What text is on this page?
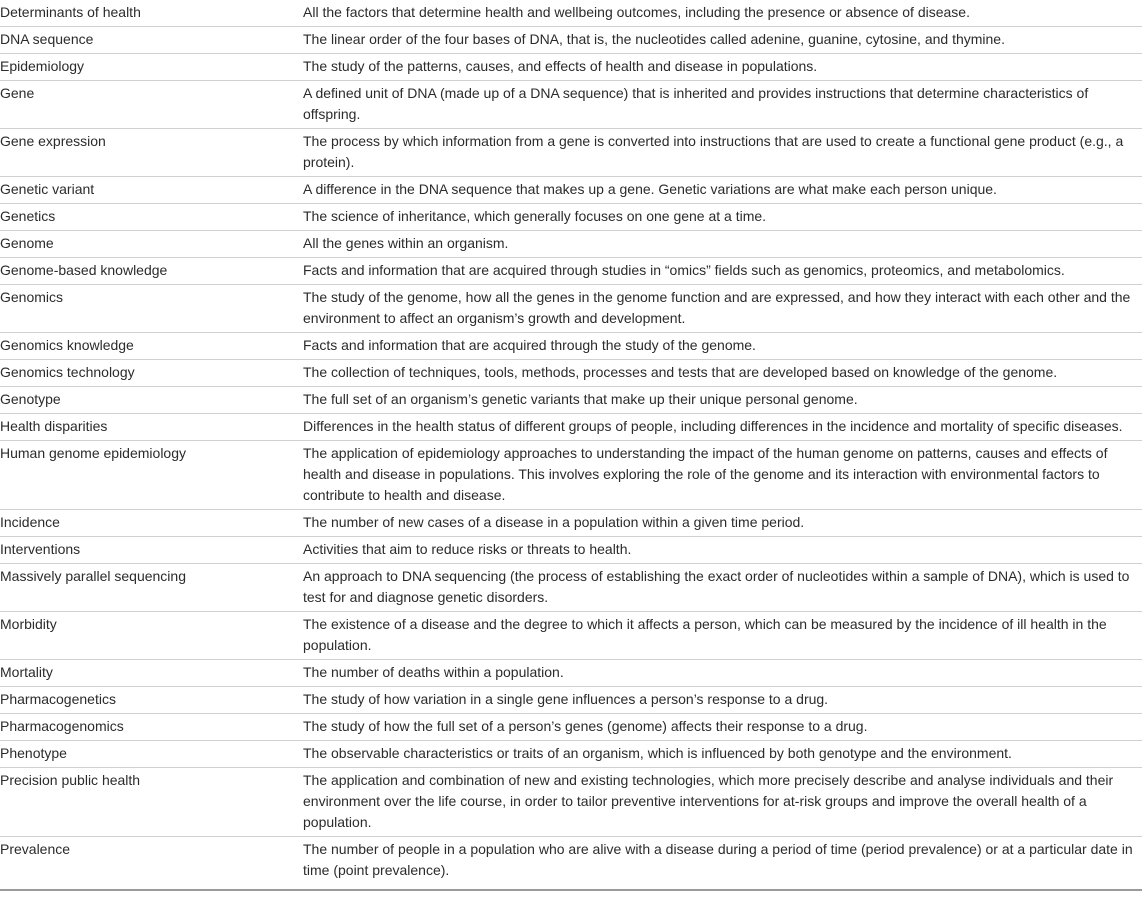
Determinants of health	All the factors that determine health and wellbeing outcomes, including the presence or absence of disease.
DNA sequence	The linear order of the four bases of DNA, that is, the nucleotides called adenine, guanine, cytosine, and thymine.
Epidemiology	The study of the patterns, causes, and effects of health and disease in populations.
Gene	A defined unit of DNA (made up of a DNA sequence) that is inherited and provides instructions that determine characteristics of offspring.
Gene expression	The process by which information from a gene is converted into instructions that are used to create a functional gene product (e.g., a protein).
Genetic variant	A difference in the DNA sequence that makes up a gene. Genetic variations are what make each person unique.
Genetics	The science of inheritance, which generally focuses on one gene at a time.
Genome	All the genes within an organism.
Genome-based knowledge	Facts and information that are acquired through studies in “omics” fields such as genomics, proteomics, and metabolomics.
Genomics	The study of the genome, how all the genes in the genome function and are expressed, and how they interact with each other and the environment to affect an organism’s growth and development.
Genomics knowledge	Facts and information that are acquired through the study of the genome.
Genomics technology	The collection of techniques, tools, methods, processes and tests that are developed based on knowledge of the genome.
Genotype	The full set of an organism’s genetic variants that make up their unique personal genome.
Health disparities	Differences in the health status of different groups of people, including differences in the incidence and mortality of specific diseases.
Human genome epidemiology	The application of epidemiology approaches to understanding the impact of the human genome on patterns, causes and effects of health and disease in populations. This involves exploring the role of the genome and its interaction with environmental factors to contribute to health and disease.
Incidence	The number of new cases of a disease in a population within a given time period.
Interventions	Activities that aim to reduce risks or threats to health.
Massively parallel sequencing	An approach to DNA sequencing (the process of establishing the exact order of nucleotides within a sample of DNA), which is used to test for and diagnose genetic disorders.
Morbidity	The existence of a disease and the degree to which it affects a person, which can be measured by the incidence of ill health in the population.
Mortality	The number of deaths within a population.
Pharmacogenetics	The study of how variation in a single gene influences a person’s response to a drug.
Pharmacogenomics	The study of how the full set of a person’s genes (genome) affects their response to a drug.
Phenotype	The observable characteristics or traits of an organism, which is influenced by both genotype and the environment.
Precision public health	The application and combination of new and existing technologies, which more precisely describe and analyse individuals and their environment over the life course, in order to tailor preventive interventions for at-risk groups and improve the overall health of a population.
Prevalence	The number of people in a population who are alive with a disease during a period of time (period prevalence) or at a particular date in time (point prevalence).
